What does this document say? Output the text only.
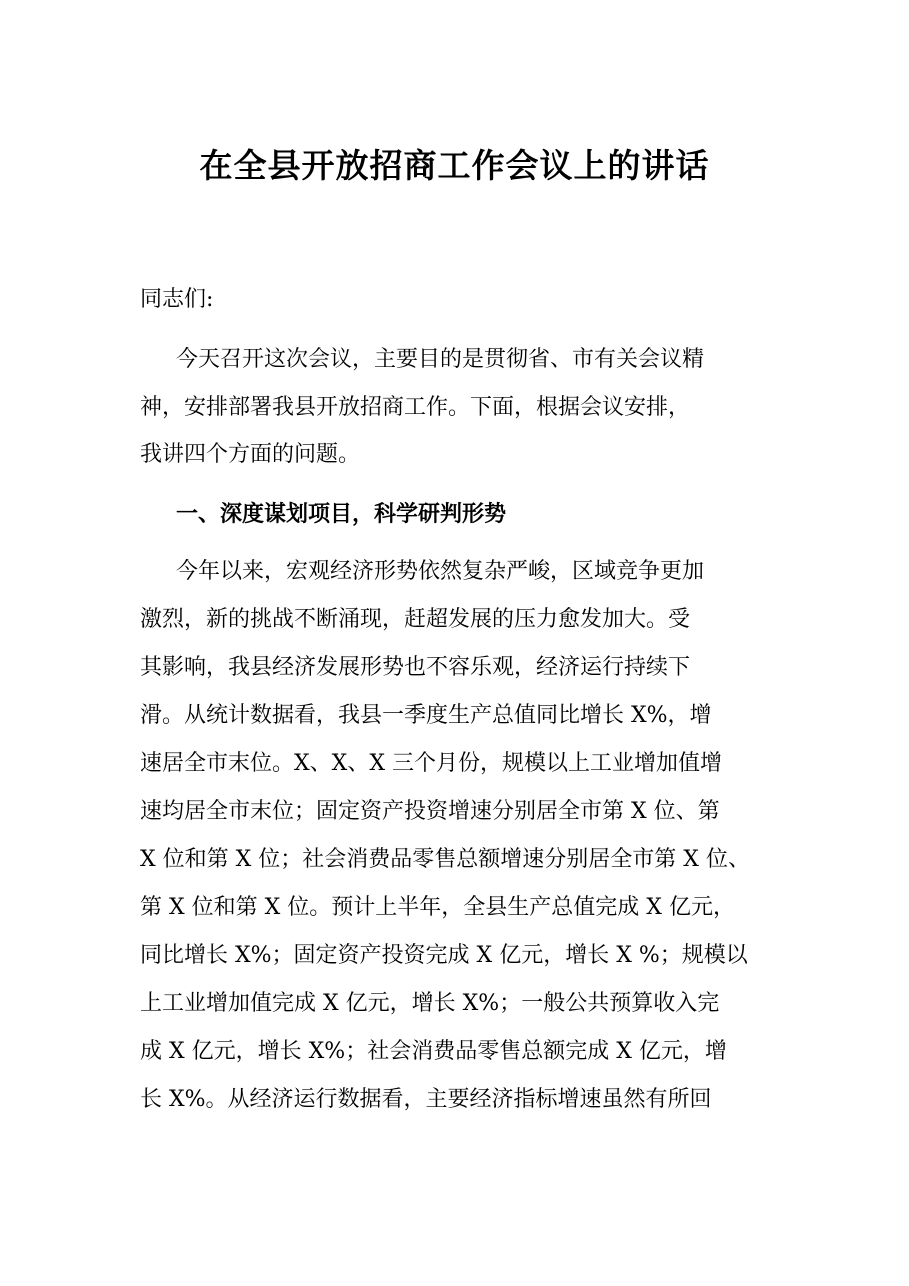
在全县开放招商工作会议上的讲话
同志们:
今天召开这次会议，主要目的是贯彻省、市有关会议精
神，安排部署我县开放招商工作。下面，根据会议安排，
我讲四个方面的问题。
一、深度谋划项目，科学研判形势
今年以来，宏观经济形势依然复杂严峻，区域竞争更加
激烈，新的挑战不断涌现，赶超发展的压力愈发加大。受
其影响，我县经济发展形势也不容乐观，经济运行持续下
滑。从统计数据看，我县一季度生产总值同比增长 X%，增
速居全市末位。X、X、X 三个月份，规模以上工业增加值增
速均居全市末位；固定资产投资增速分别居全市第 X 位、第
X 位和第 X 位；社会消费品零售总额增速分别居全市第 X 位、
第 X 位和第 X 位。预计上半年，全县生产总值完成 X 亿元，
同比增长 X%；固定资产投资完成 X 亿元，增长 X %；规模以
上工业增加值完成 X 亿元，增长 X%；一般公共预算收入完
成 X 亿元，增长 X%；社会消费品零售总额完成 X 亿元，增
长 X%。从经济运行数据看，主要经济指标增速虽然有所回
